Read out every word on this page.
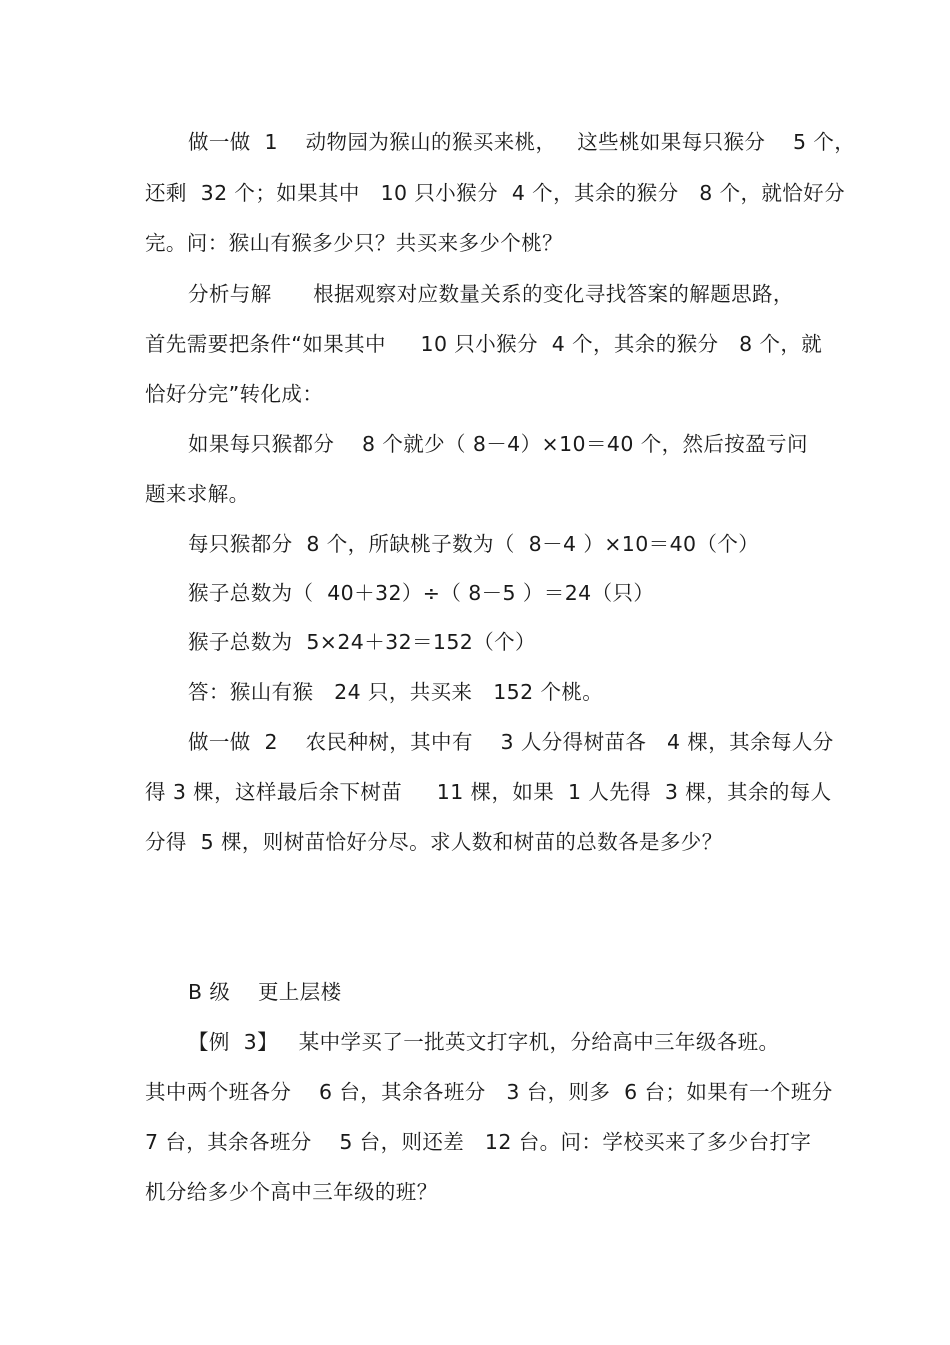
做一做  1    动物园为猴山的猴买来桃，   这些桃如果每只猴分    5 个，
还剩  32 个；如果其中   10 只小猴分  4 个，其余的猴分   8 个，就恰好分
完。问：猴山有猴多少只？共买来多少个桃？
分析与解      根据观察对应数量关系的变化寻找答案的解题思路，
首先需要把条件“如果其中     10 只小猴分  4 个，其余的猴分   8 个，就
恰好分完”转化成：
如果每只猴都分    8 个就少（ 8－4）×10＝40 个，然后按盈亏问
题来求解。
每只猴都分  8 个，所缺桃子数为（  8－4 ）×10＝40（个）
猴子总数为（  40＋32）÷（ 8－5 ）＝24（只）
猴子总数为  5×24＋32＝152（个）
答：猴山有猴   24 只，共买来   152 个桃。
做一做  2    农民种树，其中有    3 人分得树苗各   4 棵，其余每人分
得 3 棵，这样最后余下树苗     11 棵，如果  1 人先得  3 棵，其余的每人
分得  5 棵，则树苗恰好分尽。求人数和树苗的总数各是多少？
B 级    更上层楼
【例  3】   某中学买了一批英文打字机，分给高中三年级各班。
其中两个班各分    6 台，其余各班分   3 台，则多  6 台；如果有一个班分
7 台，其余各班分    5 台，则还差   12 台。问：学校买来了多少台打字
机分给多少个高中三年级的班？
